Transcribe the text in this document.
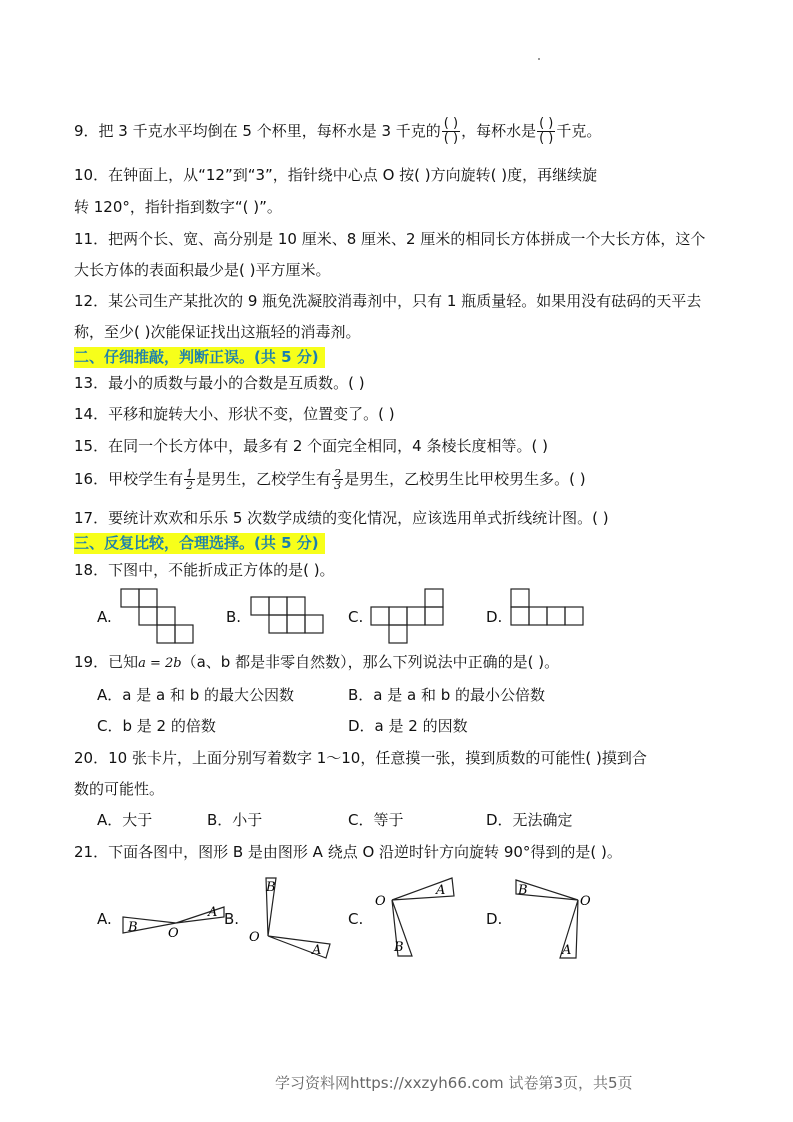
9．把 3 千克水平均倒在 5 个杯里，每杯水是 3 千克的 $\frac{( )}{( )}$ ，每杯水是 $\frac{( )}{( )}$ 千克。
10．在钟面上，从“12”到“3”，指针绕中心点 O 按( )方向旋转( )度，再继续旋
转 120°，指针指到数字“( )”。
11．把两个长、宽、高分别是 10 厘米、8 厘米、2 厘米的相同长方体拼成一个大长方体，这个
大长方体的表面积最少是( )平方厘米。
12．某公司生产某批次的 9 瓶免洗凝胶消毒剂中，只有 1 瓶质量轻。如果用没有砝码的天平去
称，至少( )次能保证找出这瓶轻的消毒剂。
二、仔细推敲，判断正误。(共 5 分)
13．最小的质数与最小的合数是互质数。( )
14．平移和旋转大小、形状不变，位置变了。( )
15．在同一个长方体中，最多有 2 个面完全相同，4 条棱长度相等。( )
16．甲校学生有 $\frac{1}{2}$ 是男生，乙校学生有 $\frac{2}{3}$ 是男生，乙校男生比甲校男生多。( )
17．要统计欢欢和乐乐 5 次数学成绩的变化情况，应该选用单式折线统计图。( )
三、反复比较，合理选择。(共 5 分)
18．下图中，不能折成正方体的是( )。
A.	B.	C.	D.
19．已知a = 2b（a、b 都是非零自然数），那么下列说法中正确的是( )。
A．a 是 a 和 b 的最大公因数	B．a 是 a 和 b 的最小公倍数
C．b 是 2 的倍数	D．a 是 2 的因数
20．10 张卡片，上面分别写着数字 1～10，任意摸一张，摸到质数的可能性( )摸到合
数的可能性。
A．大于	B．小于	C．等于	D．无法确定
21．下面各图中，图形 B 是由图形 A 绕点 O 沿逆时针方向旋转 90°得到的是( )。
A. B O
A B.
B
O
A
C.
O
A
B
D.
B
O
A
学习资料网https://xxzyh66.com 试卷第3页，共5页
